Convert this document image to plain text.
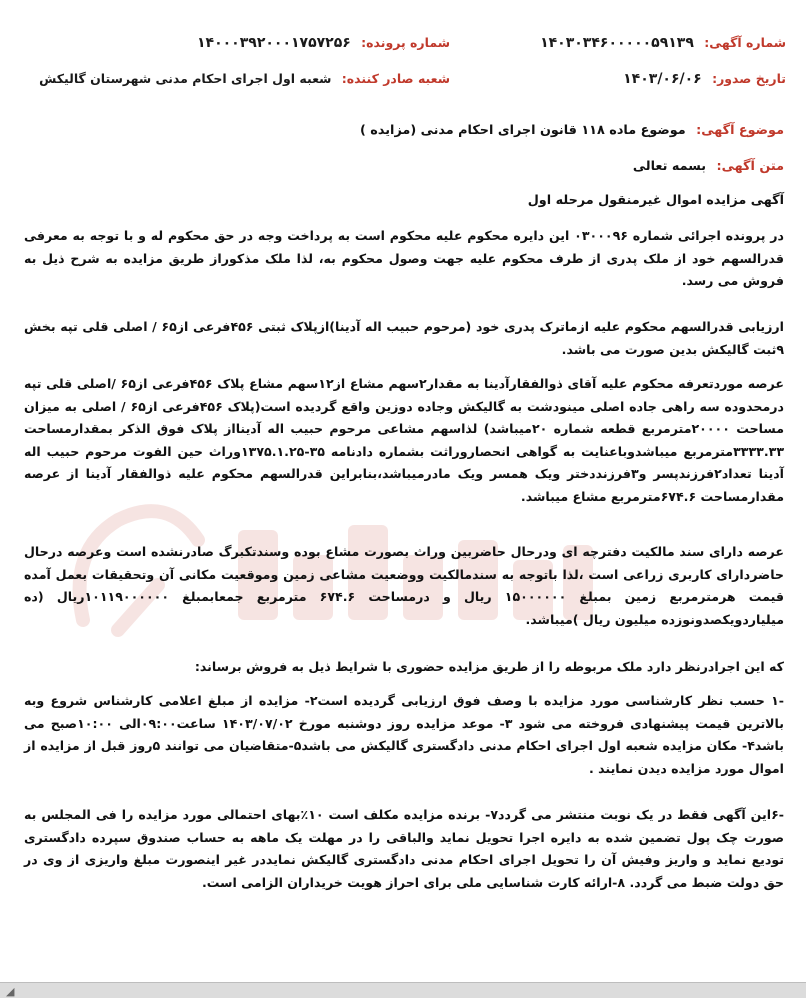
شماره آگهی: ۱۴۰۳۰۳۴۶۰۰۰۰۰۵۹۱۳۹
شماره پرونده: ۱۴۰۰۰۳۹۲۰۰۰۱۷۵۷۲۵۶
تاریخ صدور: ۱۴۰۳/۰۶/۰۶
شعبه صادر کننده: شعبه اول اجرای احکام مدنی شهرستان گالیکش
موضوع آگهی: موضوع ماده ۱۱۸ قانون اجرای احکام مدنی (مزایده )
متن آگهی: بسمه تعالی
آگهی مزایده اموال غیرمنقول مرحله اول

در پرونده اجرائی شماره ۰۳۰۰۰۹۶ این دایره محکوم علیه محکوم است به پرداخت وجه در حق محکوم له و با توجه به معرفی قدرالسهم خود از ملک پدری از طرف محکوم علیه جهت وصول محکوم به، لذا ملک مذکوراز طریق مزایده به شرح ذیل به فروش می رسد.

ارزیابی قدرالسهم محکوم علیه ازماترک پدری خود (مرحوم حبیب اله آدینا)ازپلاک ثبتی ۴۵۶فرعی از۶۵ / اصلی قلی تپه بخش ۹ثبت گالیکش بدین صورت می باشد.

عرصه موردتعرفه محکوم علیه آقای ذوالفقارآدینا به مقدار۲سهم مشاع از۱۲سهم مشاع پلاک ۴۵۶فرعی از۶۵ /اصلی قلی تپه درمحدوده سه راهی جاده اصلی مینودشت به گالیکش وجاده دوزین واقع گردیده است(پلاک ۴۵۶فرعی از۶۵ / اصلی به میزان مساحت ۲۰۰۰۰مترمربع قطعه شماره ۲۰میباشد) لذاسهم مشاعی مرحوم حبیب اله آدینااز پلاک فوق الذکر بمقدارمساحت ۳۳۳۳.۳۳مترمربع میباشدوباعنایت به گواهی انحصاروراثت بشماره دادنامه ۳۵-۱۳۷۵.۱.۲۵وراث حین الفوت مرحوم حبیب اله آدینا تعداد۲فرزندپسر و۳فرزنددختر ویک همسر ویک مادرمیباشد،بنابراین قدرالسهم محکوم علیه ذوالفقار آدینا از عرصه مقدارمساحت ۶۷۴.۶مترمربع مشاع میباشد.

عرصه دارای سند مالکیت دفترچه ای ودرحال حاضربین وراث بصورت مشاع بوده وسندتکبرگ صادرنشده است وعرصه درحال حاضردارای کاربری زراعی است ،لذا باتوجه به سندمالکیت ووضعیت مشاعی زمین وموقعیت مکانی آن وتحقیقات بعمل آمده قیمت هرمترمربع زمین بمبلغ ۱۵۰۰۰۰۰۰ ریال و درمساحت ۶۷۴.۶ مترمربع جمعابمبلغ ۱۰۱۱۹۰۰۰۰۰۰ریال (ده میلیاردویکصدونوزده میلیون ریال )میباشد.

که این اجرادرنظر دارد ملک مربوطه را از طریق مزایده حضوری با شرایط ذیل به فروش برساند:

-۱ حسب نظر کارشناسی مورد مزایده با وصف فوق ارزیابی گردیده است۲- مزایده از مبلغ اعلامی کارشناس شروع وبه بالاترین قیمت پیشنهادی فروخته می شود ۳- موعد مزایده روز دوشنبه مورخ ۱۴۰۳/۰۷/۰۲ ساعت۰۹:۰۰الی ۱۰:۰۰صبح می باشد۴- مکان مزایده شعبه اول اجرای احکام مدنی دادگستری گالیکش می باشد۵-متقاضیان می توانند ۵روز قبل از مزایده از اموال مورد مزایده دیدن نمایند .

-۶این آگهی فقط در یک نوبت منتشر می گردد۷- برنده مزایده مکلف است ۱۰٪بهای احتمالی مورد مزایده را فی المجلس به صورت چک پول تضمین شده به دایره اجرا تحویل نماید والباقی را در مهلت یک ماهه به حساب صندوق سپرده دادگستری تودیع نماید و واریز وفیش آن را تحویل اجرای احکام مدنی دادگستری گالیکش نمایددر غیر اینصورت مبلغ واریزی از وی در حق دولت ضبط می گردد. ۸-ارائه کارت شناسایی ملی برای احراز هویت خریداران الزامی است.

◢
